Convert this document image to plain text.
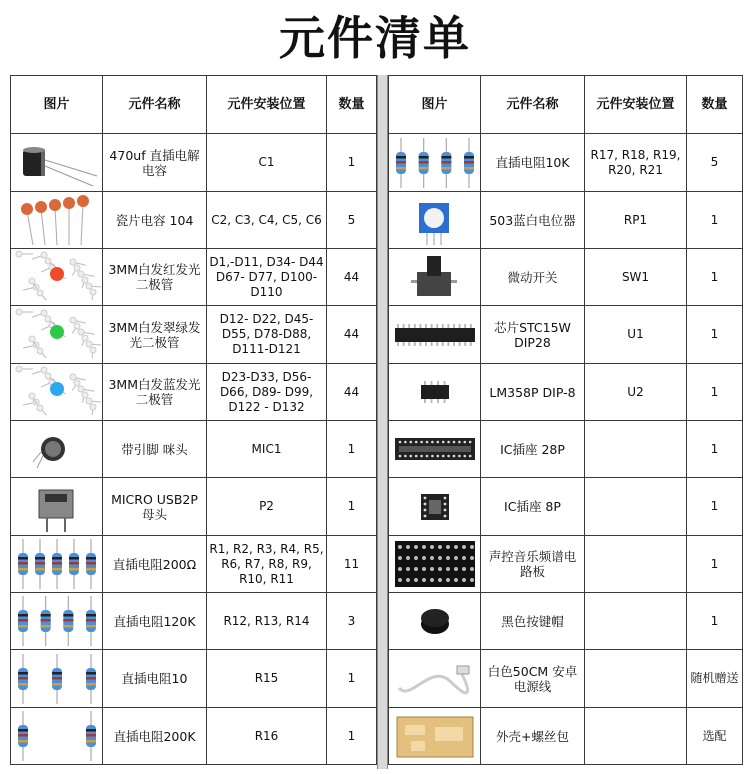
元件清单
图片	元件名称	元件安装位置	数量

	470uf 直插电解电容	C1	1

	瓷片电容 104	C2, C3, C4, C5, C6	5

	3MM白发红发光二极管	D1,-D11, D34- D44 D67- D77, D100-D110	44

	3MM白发翠绿发光二极管	D12- D22, D45-D55, D78-D88, D111-D121	44

	3MM白发蓝发光二极管	D23-D33, D56- D66, D89- D99, D122 - D132	44

	带引脚 咪头	MIC1	1

	MICRO USB2P 母头	P2	1

	直插电阻200Ω	R1, R2, R3, R4, R5, R6, R7, R8, R9, R10, R11	11

	直插电阻120K	R12, R13, R14	3

	直插电阻10	R15	1

	直插电阻200K	R16	1
图片	元件名称	元件安装位置	数量

	直插电阻10K	R17, R18, R19, R20, R21	5

	503蓝白电位器	RP1	1

	微动开关	SW1	1

	芯片STC15W DIP28	U1	1

	LM358P DIP-8	U2	1

	IC插座 28P		1

	IC插座 8P		1

	声控音乐频谱电路板		1

	黑色按键帽		1

	白色50CM 安卓电源线		随机赠送

	外壳+螺丝包		选配
